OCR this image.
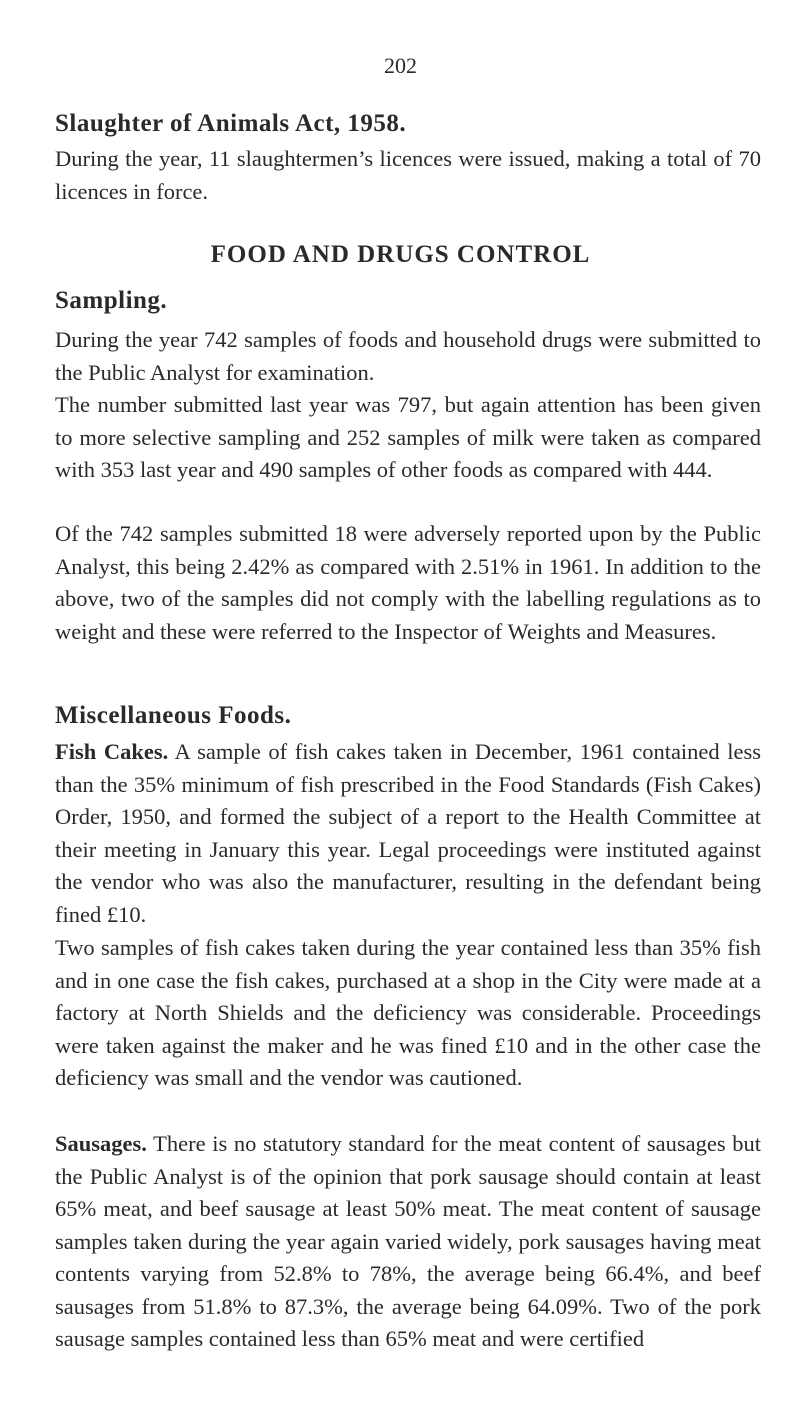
202
Slaughter of Animals Act, 1958.
During the year, 11 slaughtermen’s licences were issued, making a total of 70 licences in force.
FOOD AND DRUGS CONTROL
Sampling.
During the year 742 samples of foods and household drugs were submitted to the Public Analyst for examination.
The number submitted last year was 797, but again attention has been given to more selective sampling and 252 samples of milk were taken as compared with 353 last year and 490 samples of other foods as compared with 444.
Of the 742 samples submitted 18 were adversely reported upon by the Public Analyst, this being 2.42% as compared with 2.51% in 1961. In addition to the above, two of the samples did not comply with the labelling regulations as to weight and these were referred to the Inspector of Weights and Measures.
Miscellaneous Foods.
Fish Cakes. A sample of fish cakes taken in December, 1961 contained less than the 35% minimum of fish prescribed in the Food Standards (Fish Cakes) Order, 1950, and formed the subject of a report to the Health Committee at their meeting in January this year. Legal proceedings were instituted against the vendor who was also the manufacturer, resulting in the defendant being fined £10.
Two samples of fish cakes taken during the year contained less than 35% fish and in one case the fish cakes, purchased at a shop in the City were made at a factory at North Shields and the deficiency was considerable. Proceedings were taken against the maker and he was fined £10 and in the other case the deficiency was small and the vendor was cautioned.
Sausages. There is no statutory standard for the meat content of sausages but the Public Analyst is of the opinion that pork sausage should contain at least 65% meat, and beef sausage at least 50% meat. The meat content of sausage samples taken during the year again varied widely, pork sausages having meat contents varying from 52.8% to 78%, the average being 66.4%, and beef sausages from 51.8% to 87.3%, the average being 64.09%. Two of the pork sausage samples contained less than 65% meat and were certified
